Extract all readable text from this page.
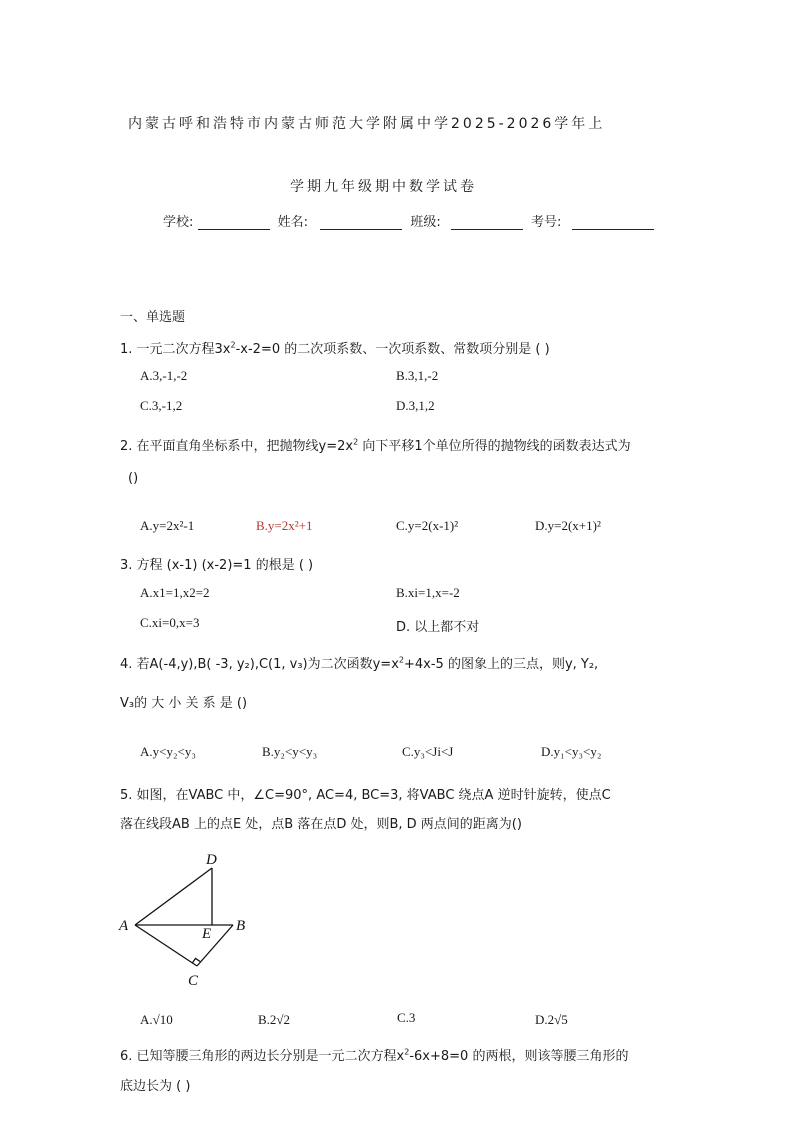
内蒙古呼和浩特市内蒙古师范大学附属中学2025-2026学年上
学期九年级期中数学试卷
学校:	姓名:	班级:	考号:
一、单选题
1. 一元二次方程$3x^2-x-2=0$ 的二次项系数、一次项系数、常数项分别是 ( )
A.3,-1,-2	B.3,1,-2
C.3,-1,2	D.3,1,2
2. 在平面直角坐标系中，把抛物线$y=2x^2$ 向下平移1个单位所得的抛物线的函数表达式为
()
A.y=2x²-1	B.y=2x²+1	C.y=2(x-1)²	D.y=2(x+1)²
3. 方程 (x-1) (x-2)=1 的根是 ( )
A.x1=1,x2=2	B.xi=1,x=-2
C.xi=0,x=3	D. 以上都不对
4. 若A(-4,y),B( -3, y₂),C(1, v₃)为二次函数$y=x^2+4x-5$ 的图象上的三点，则y, Y₂,
V₃的 大 小 关 系 是 ()
A.y<y₂<y₃	B.y₂<y<y₃	C.y₃<Ji<J	D.y₁<y₃<y₂
5. 如图，在VABC 中，∠C=90°, AC=4, BC=3, 将VABC 绕点A 逆时针旋转，使点C
落在线段AB 上的点E 处，点B 落在点D 处，则B, D 两点间的距离为()
A	B
C
D
E
A.√10	B.2√2	C.3	D.2√5
6. 已知等腰三角形的两边长分别是一元二次方程$x^2-6x+8=0$ 的两根，则该等腰三角形的
底边长为 ( )
